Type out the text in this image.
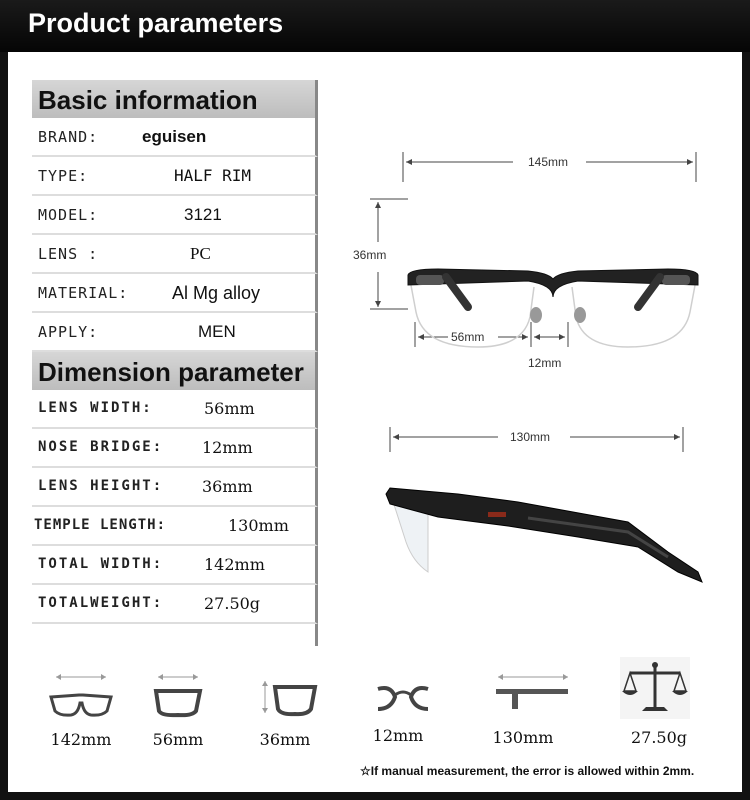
Product parameters
Basic information
BRAND:	eguisen
TYPE:	HALF RIM
MODEL:	3121
LENS :	PC
MATERIAL: Al Mg alloy
APPLY:	MEN
Dimension parameter
LENS WIDTH:	56mm
NOSE BRIDGE: 12mm
LENS HEIGHT: 36mm
TEMPLE LENGTH:	130mm
TOTAL WIDTH:	142mm
TOTALWEIGHT:	27.50g
145mm
36mm
56mm
12mm
130mm
142mm	56mm	36mm	12mm	130mm	27.50g
☆If manual measurement, the error is allowed within 2mm.
